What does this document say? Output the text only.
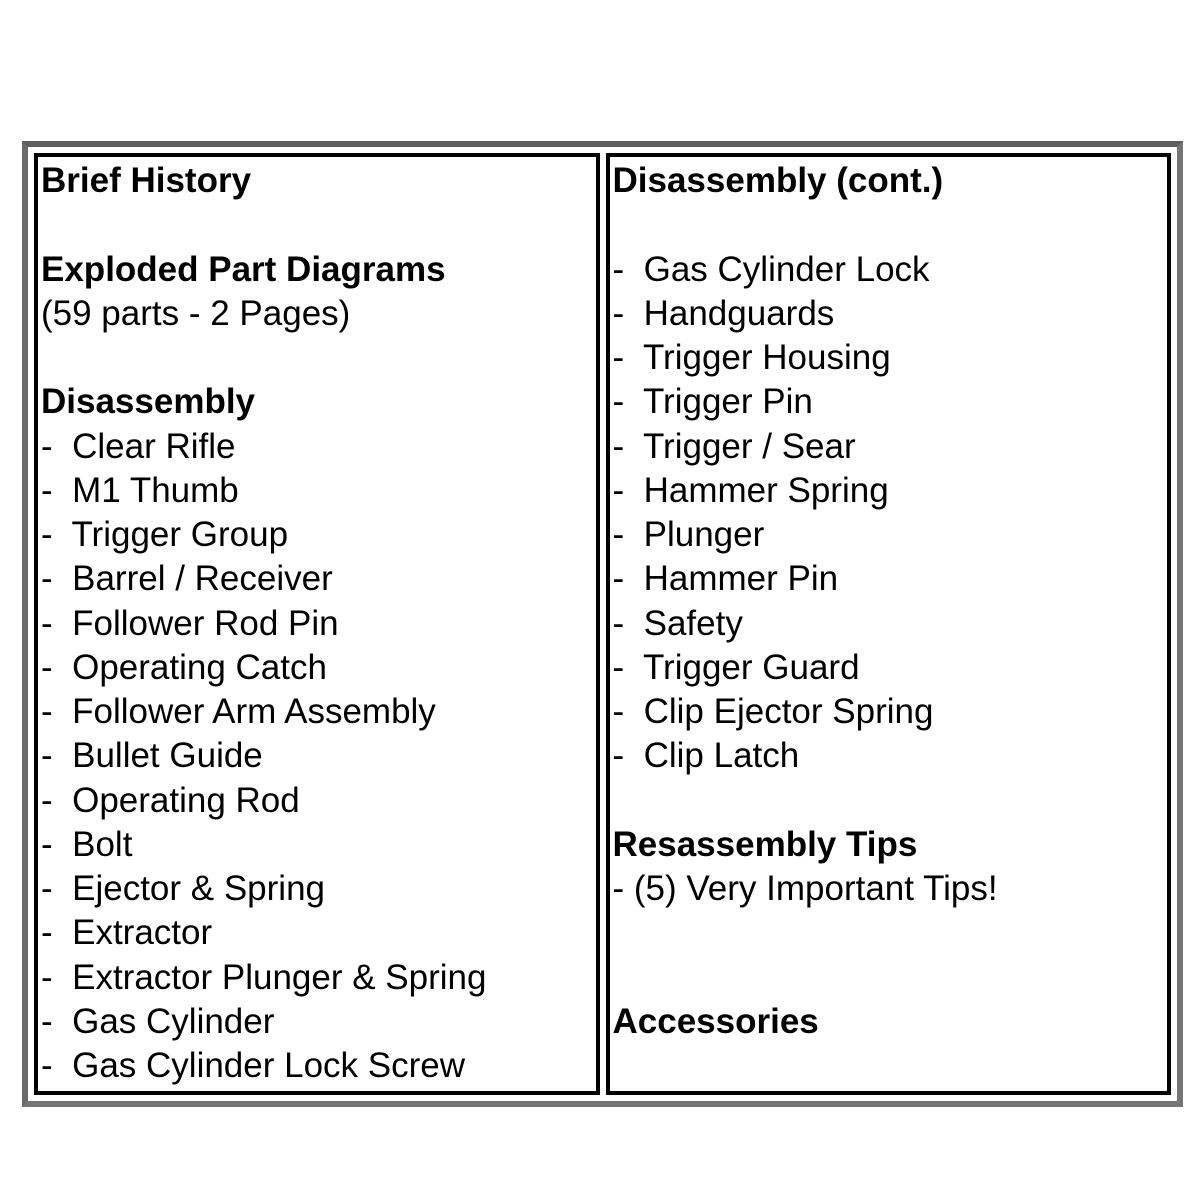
Brief History
Exploded Part Diagrams
(59 parts - 2 Pages)
Disassembly
-  Clear Rifle
-  M1 Thumb
-  Trigger Group
-  Barrel / Receiver
-  Follower Rod Pin
-  Operating Catch
-  Follower Arm Assembly
-  Bullet Guide
-  Operating Rod
-  Bolt
-  Ejector & Spring
-  Extractor
-  Extractor Plunger & Spring
-  Gas Cylinder
-  Gas Cylinder Lock Screw
Disassembly (cont.)
-  Gas Cylinder Lock
-  Handguards
-  Trigger Housing
-  Trigger Pin
-  Trigger / Sear
-  Hammer Spring
-  Plunger
-  Hammer Pin
-  Safety
-  Trigger Guard
-  Clip Ejector Spring
-  Clip Latch
Resassembly Tips
- (5) Very Important Tips!
Accessories
